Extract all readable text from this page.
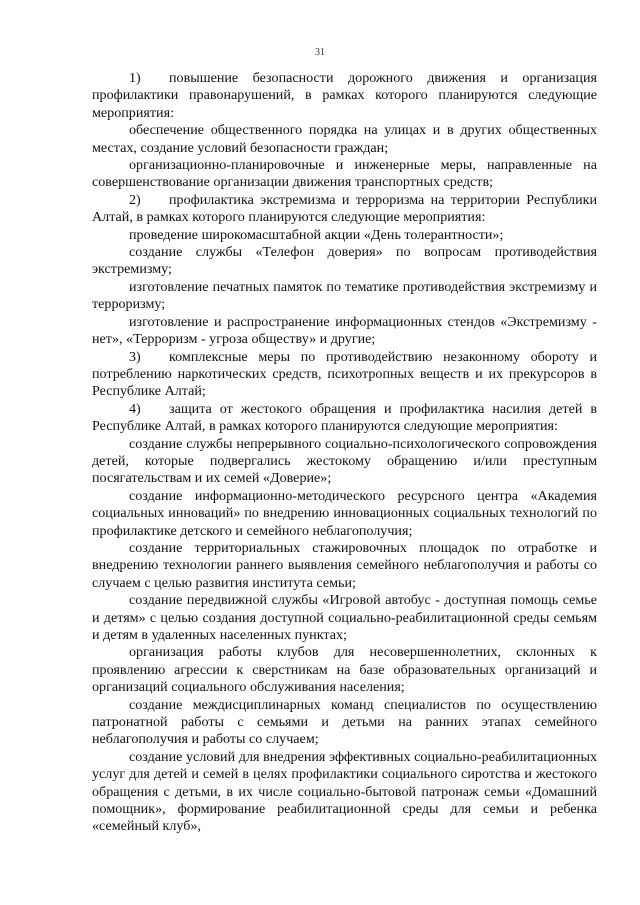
31

1) повышение безопасности дорожного движения и организация профилактики правонарушений, в рамках которого планируются следующие мероприятия:

обеспечение общественного порядка на улицах и в других общественных местах, создание условий безопасности граждан;

организационно-планировочные и инженерные меры, направленные на совершенствование организации движения транспортных средств;

2) профилактика экстремизма и терроризма на территории Республики Алтай, в рамках которого планируются следующие мероприятия:

проведение широкомасштабной акции «День толерантности»;

создание службы «Телефон доверия» по вопросам противодействия экстремизму;

изготовление печатных памяток по тематике противодействия экстремизму и терроризму;

изготовление и распространение информационных стендов «Экстремизму - нет», «Терроризм - угроза обществу» и другие;

3) комплексные меры по противодействию незаконному обороту и потреблению наркотических средств, психотропных веществ и их прекурсоров в Республике Алтай;

4) защита от жестокого обращения и профилактика насилия детей в Республике Алтай, в рамках которого планируются следующие мероприятия:

создание службы непрерывного социально-психологического сопровождения детей, которые подвергались жестокому обращению и/или преступным посягательствам и их семей «Доверие»;

создание информационно-методического ресурсного центра «Академия социальных инноваций» по внедрению инновационных социальных технологий по профилактике детского и семейного неблагополучия;

создание территориальных стажировочных площадок по отработке и внедрению технологии раннего выявления семейного неблагополучия и работы со случаем с целью развития института семьи;

создание передвижной службы «Игровой автобус - доступная помощь семье и детям» с целью создания доступной социально-реабилитационной среды семьям и детям в удаленных населенных пунктах;

организация работы клубов для несовершеннолетних, склонных к проявлению агрессии к сверстникам на базе образовательных организаций и организаций социального обслуживания населения;

создание междисциплинарных команд специалистов по осуществлению патронатной работы с семьями и детьми на ранних этапах семейного неблагополучия и работы со случаем;

создание условий для внедрения эффективных социально-реабилитационных услуг для детей и семей в целях профилактики социального сиротства и жестокого обращения с детьми, в их числе социально-бытовой патронаж семьи «Домашний помощник», формирование реабилитационной среды для семьи и ребенка «семейный клуб»,
